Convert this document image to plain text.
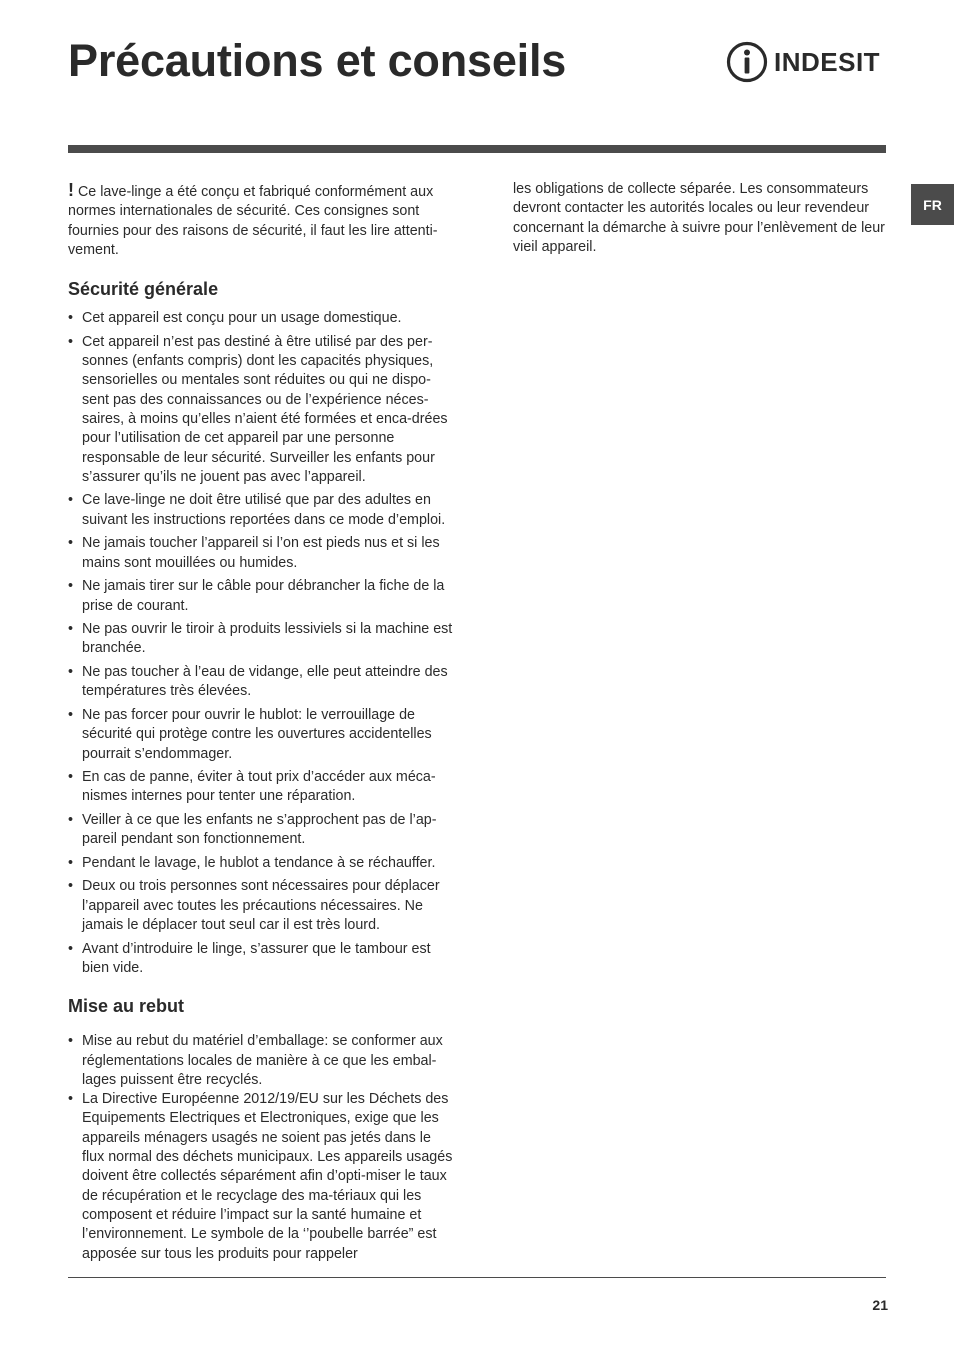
Précautions et conseils	INDESIT
FR

! Ce lave-linge a été conçu et fabriqué conformément aux normes internationales de sécurité. Ces consignes sont fournies pour des raisons de sécurité, il faut les lire attenti-vement.

Sécurité générale
• Cet appareil est conçu pour un usage domestique.
• Cet appareil n’est pas destiné à être utilisé par des per-sonnes (enfants compris) dont les capacités physiques, sensorielles ou mentales sont réduites ou qui ne dispo-sent pas des connaissances ou de l’expérience néces-saires, à moins qu’elles n’aient été formées et enca-drées pour l’utilisation de cet appareil par une personne responsable de leur sécurité. Surveiller les enfants pour s’assurer qu’ils ne jouent pas avec l’appareil.
• Ce lave-linge ne doit être utilisé que par des adultes en suivant les instructions reportées dans ce mode d’emploi.
• Ne jamais toucher l’appareil si l’on est pieds nus et si les mains sont mouillées ou humides.
• Ne jamais tirer sur le câble pour débrancher la fiche de la prise de courant.
• Ne pas ouvrir le tiroir à produits lessiviels si la machine est branchée.
• Ne pas toucher à l’eau de vidange, elle peut atteindre des températures très élevées.
• Ne pas forcer pour ouvrir le hublot: le verrouillage de sécurité qui protège contre les ouvertures accidentelles pourrait s’endommager.
• En cas de panne, éviter à tout prix d’accéder aux méca-nismes internes pour tenter une réparation.
• Veiller à ce que les enfants ne s’approchent pas de l’ap-pareil pendant son fonctionnement.
• Pendant le lavage, le hublot a tendance à se réchauffer.
• Deux ou trois personnes sont nécessaires pour déplacer l’appareil avec toutes les précautions nécessaires. Ne jamais le déplacer tout seul car il est très lourd.
• Avant d’introduire le linge, s’assurer que le tambour est bien vide.
Mise au rebut
• Mise au rebut du matériel d’emballage: se conformer aux réglementations locales de manière à ce que les embal-lages puissent être recyclés.
• La Directive Européenne 2012/19/EU sur les Déchets des Equipements Electriques et Electroniques, exige que les appareils ménagers usagés ne soient pas jetés dans le flux normal des déchets municipaux. Les appareils usagés doivent être collectés séparément afin d’opti-miser le taux de récupération et le recyclage des ma-tériaux qui les composent et réduire l’impact sur la santé humaine et l’environnement. Le symbole de la ‘’poubelle barrée” est apposée sur tous les produits pour rappeler

les obligations de collecte séparée. Les consommateurs devront contacter les autorités locales ou leur revendeur concernant la démarche à suivre pour l’enlèvement de leur vieil appareil.

21
